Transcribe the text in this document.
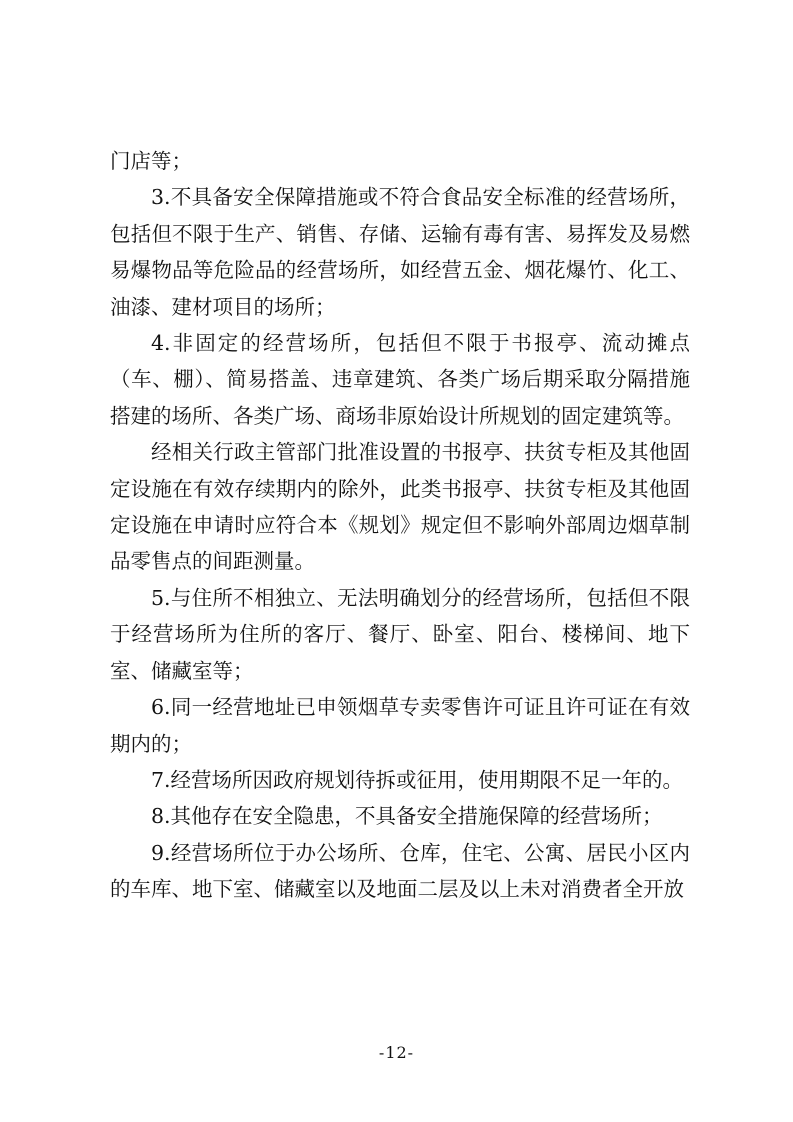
门店等；

3.不具备安全保障措施或不符合食品安全标准的经营场所，包括但不限于生产、销售、存储、运输有毒有害、易挥发及易燃易爆物品等危险品的经营场所，如经营五金、烟花爆竹、化工、油漆、建材项目的场所；

4.非固定的经营场所，包括但不限于书报亭、流动摊点（车、棚）、简易搭盖、违章建筑、各类广场后期采取分隔措施搭建的场所、各类广场、商场非原始设计所规划的固定建筑等。

经相关行政主管部门批准设置的书报亭、扶贫专柜及其他固定设施在有效存续期内的除外，此类书报亭、扶贫专柜及其他固定设施在申请时应符合本《规划》规定但不影响外部周边烟草制品零售点的间距测量。

5.与住所不相独立、无法明确划分的经营场所，包括但不限于经营场所为住所的客厅、餐厅、卧室、阳台、楼梯间、地下室、储藏室等；

6.同一经营地址已申领烟草专卖零售许可证且许可证在有效期内的；

7.经营场所因政府规划待拆或征用，使用期限不足一年的。

8.其他存在安全隐患，不具备安全措施保障的经营场所；

9.经营场所位于办公场所、仓库，住宅、公寓、居民小区内的车库、地下室、储藏室以及地面二层及以上未对消费者全开放

-12-
